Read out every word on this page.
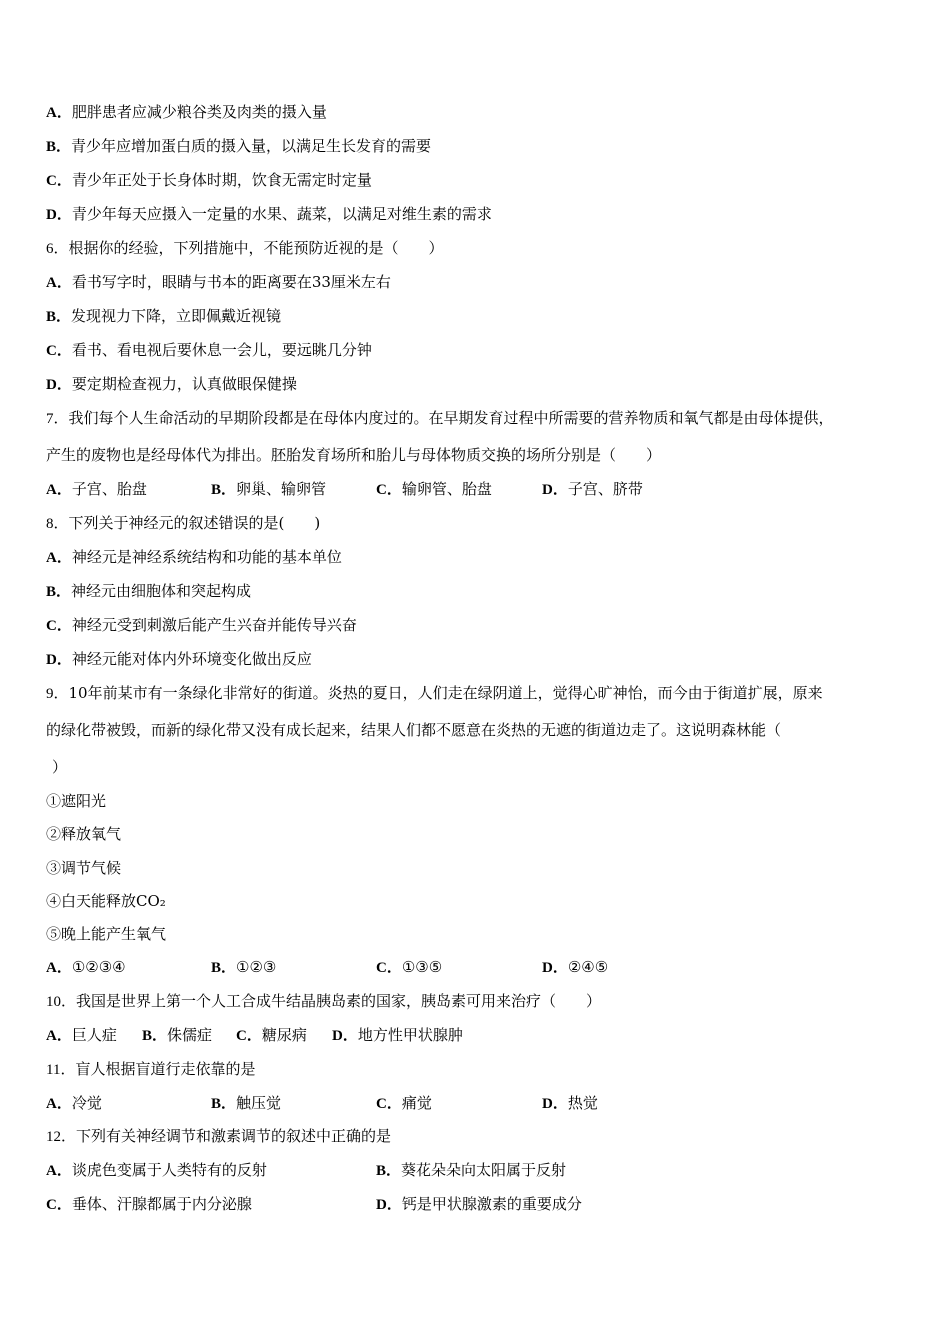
A．肥胖患者应减少粮谷类及肉类的摄入量
B．青少年应增加蛋白质的摄入量，以满足生长发育的需要
C．青少年正处于长身体时期，饮食无需定时定量
D．青少年每天应摄入一定量的水果、蔬菜，以满足对维生素的需求
6．根据你的经验，下列措施中，不能预防近视的是（　　）
A．看书写字时，眼睛与书本的距离要在33厘米左右
B．发现视力下降，立即佩戴近视镜
C．看书、看电视后要休息一会儿，要远眺几分钟
D．要定期检查视力，认真做眼保健操
7．我们每个人生命活动的早期阶段都是在母体内度过的。在早期发育过程中所需要的营养物质和氧气都是由母体提供，
产生的废物也是经母体代为排出。胚胎发育场所和胎儿与母体物质交换的场所分别是（　　）
A．子宫、胎盘	B．卵巢、输卵管	C．输卵管、胎盘	D．子宫、脐带
8．下列关于神经元的叙述错误的是(　　)
A．神经元是神经系统结构和功能的基本单位
B．神经元由细胞体和突起构成
C．神经元受到刺激后能产生兴奋并能传导兴奋
D．神经元能对体内外环境变化做出反应
9．10年前某市有一条绿化非常好的街道。炎热的夏日，人们走在绿阴道上，觉得心旷神怡，而今由于街道扩展，原来
的绿化带被毁，而新的绿化带又没有成长起来，结果人们都不愿意在炎热的无遮的街道边走了。这说明森林能（
）
①遮阳光
②释放氧气
③调节气候
④白天能释放CO₂
⑤晚上能产生氧气
A．①②③④	B．①②③	C．①③⑤	D．②④⑤
10．我国是世界上第一个人工合成牛结晶胰岛素的国家，胰岛素可用来治疗（　　）
A．巨人症 B．侏儒症 C．糖尿病 D．地方性甲状腺肿
11．盲人根据盲道行走依靠的是
A．冷觉	B．触压觉	C．痛觉	D．热觉
12．下列有关神经调节和激素调节的叙述中正确的是
A．谈虎色变属于人类特有的反射	B．葵花朵朵向太阳属于反射
C．垂体、汗腺都属于内分泌腺	D．钙是甲状腺激素的重要成分
